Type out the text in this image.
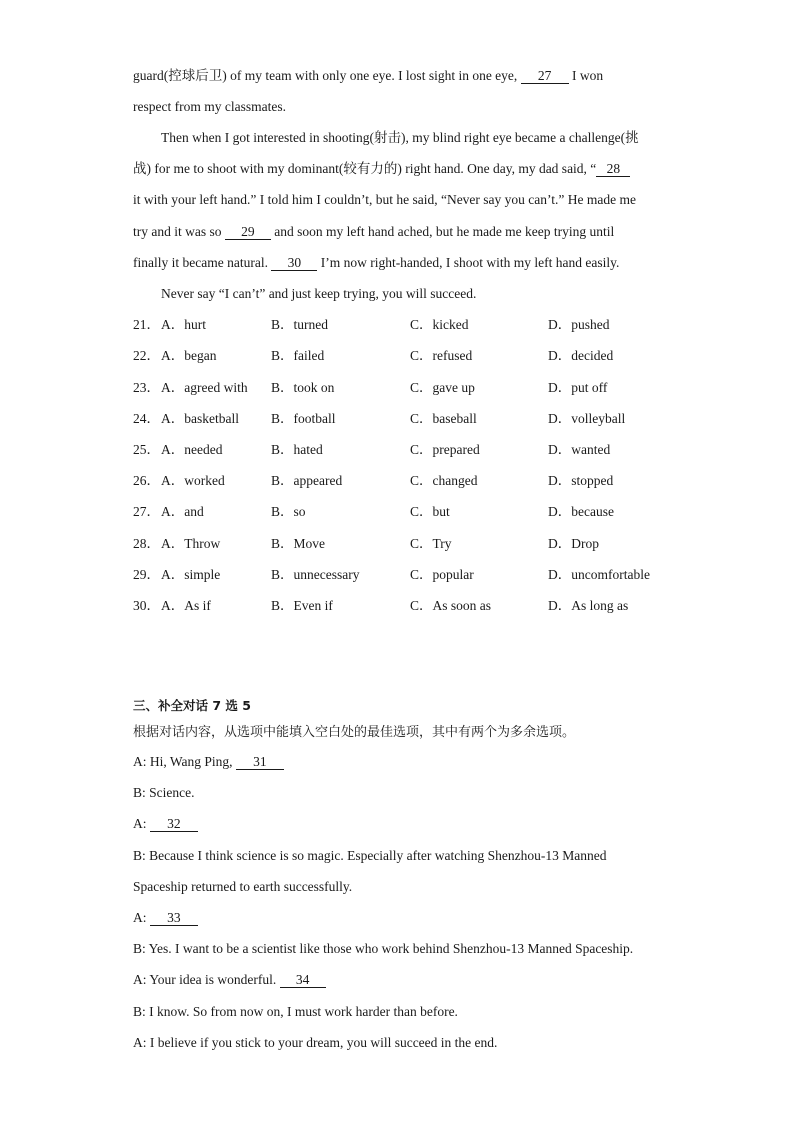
guard(控球后卫) of my team with only one eye. I lost sight in one eye, 27 I won
respect from my classmates.
Then when I got interested in shooting(射击), my blind right eye became a challenge(挑
战) for me to shoot with my dominant(较有力的) right hand. One day, my dad said, “ 28
it with your left hand.” I told him I couldn’t, but he said, “Never say you can’t.” He made me
try and it was so 29 and soon my left hand ached, but he made me keep trying until
finally it became natural. 30 I’m now right-handed, I shoot with my left hand easily.
Never say “I can’t” and just keep trying, you will succeed.
21． A．hurt	B．turned	C．kicked	D．pushed
22． A．began	B．failed	C．refused	D．decided
23． A．agreed with B．took on	C．gave up	D．put off
24． A．basketball B．football	C．baseball	D．volleyball
25． A．needed	B．hated	C．prepared	D．wanted
26． A．worked	B．appeared	C．changed	D．stopped
27． A．and	B．so	C．but	D．because
28． A．Throw	B．Move	C．Try	D．Drop
29． A．simple	B．unnecessary	C．popular	D．uncomfortable
30． A．As if	B．Even if	C．As soon as	D．As long as
三、补全对话 7 选 5
根据对话内容，从选项中能填入空白处的最佳选项，其中有两个为多余选项。
A: Hi, Wang Ping, 31
B: Science.
A: 32
B: Because I think science is so magic. Especially after watching Shenzhou-13 Manned
Spaceship returned to earth successfully.
A: 33
B: Yes. I want to be a scientist like those who work behind Shenzhou-13 Manned Spaceship.
A: Your idea is wonderful. 34
B: I know. So from now on, I must work harder than before.
A: I believe if you stick to your dream, you will succeed in the end.
